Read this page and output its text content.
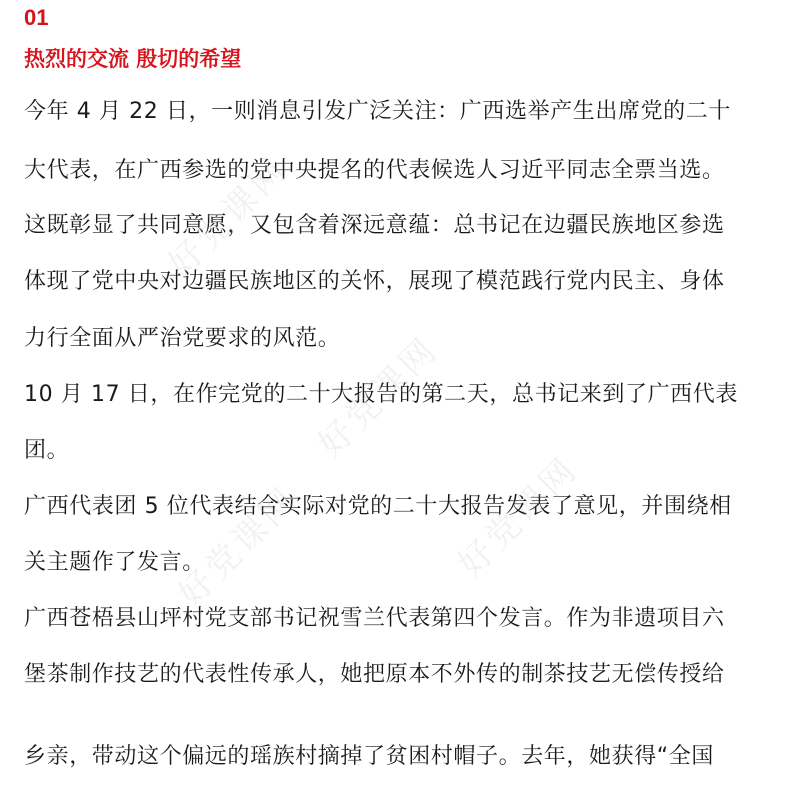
01
热烈的交流 殷切的希望
今年 4 月 22 日，一则消息引发广泛关注：广西选举产生出席党的二十
大代表，在广西参选的党中央提名的代表候选人习近平同志全票当选。
这既彰显了共同意愿，又包含着深远意蕴：总书记在边疆民族地区参选
体现了党中央对边疆民族地区的关怀，展现了模范践行党内民主、身体
力行全面从严治党要求的风范。
10 月 17 日，在作完党的二十大报告的第二天，总书记来到了广西代表
团。
广西代表团 5 位代表结合实际对党的二十大报告发表了意见，并围绕相
关主题作了发言。
广西苍梧县山坪村党支部书记祝雪兰代表第四个发言。作为非遗项目六
堡茶制作技艺的代表性传承人，她把原本不外传的制茶技艺无偿传授给
乡亲，带动这个偏远的瑶族村摘掉了贫困村帽子。去年，她获得“全国
好党课网
好党课网
好党课网	好党课网
